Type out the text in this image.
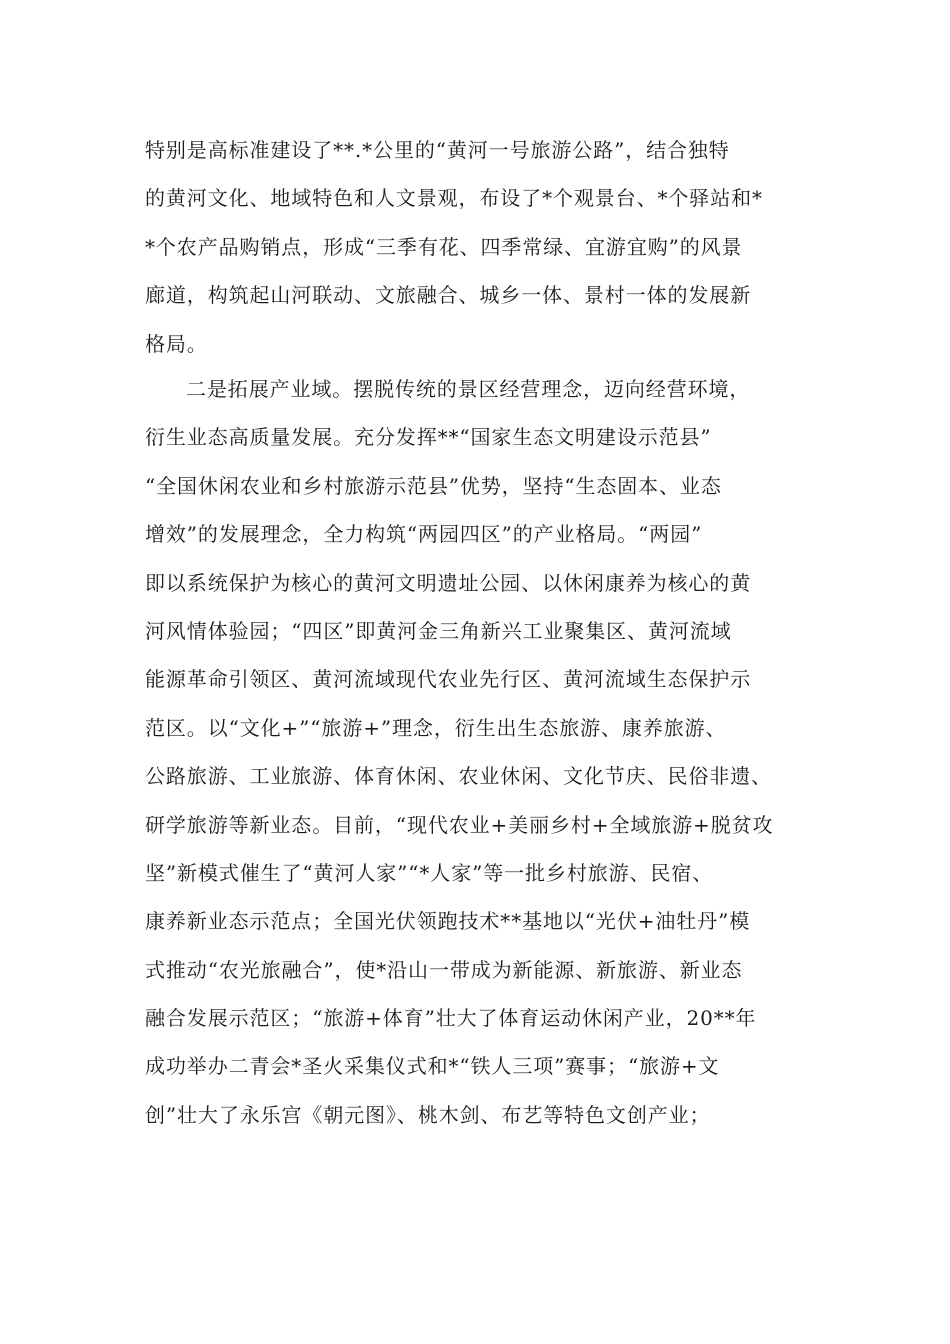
特别是高标准建设了**.*公里的“黄河一号旅游公路”，结合独特
的黄河文化、地域特色和人文景观，布设了*个观景台、*个驿站和*
*个农产品购销点，形成“三季有花、四季常绿、宜游宜购”的风景
廊道，构筑起山河联动、文旅融合、城乡一体、景村一体的发展新
格局。
二是拓展产业域。摆脱传统的景区经营理念，迈向经营环境，
衍生业态高质量发展。充分发挥**“国家生态文明建设示范县”
“全国休闲农业和乡村旅游示范县”优势，坚持“生态固本、业态
增效”的发展理念，全力构筑“两园四区”的产业格局。“两园”
即以系统保护为核心的黄河文明遗址公园、以休闲康养为核心的黄
河风情体验园；“四区”即黄河金三角新兴工业聚集区、黄河流域
能源革命引领区、黄河流域现代农业先行区、黄河流域生态保护示
范区。以“文化+”“旅游+”理念，衍生出生态旅游、康养旅游、
公路旅游、工业旅游、体育休闲、农业休闲、文化节庆、民俗非遗、
研学旅游等新业态。目前，“现代农业+美丽乡村+全域旅游+脱贫攻
坚”新模式催生了“黄河人家”“*人家”等一批乡村旅游、民宿、
康养新业态示范点；全国光伏领跑技术**基地以“光伏+油牡丹”模
式推动“农光旅融合”，使*沿山一带成为新能源、新旅游、新业态
融合发展示范区；“旅游+体育”壮大了体育运动休闲产业，20**年
成功举办二青会*圣火采集仪式和*“铁人三项”赛事；“旅游+文
创”壮大了永乐宫《朝元图》、桃木剑、布艺等特色文创产业；
